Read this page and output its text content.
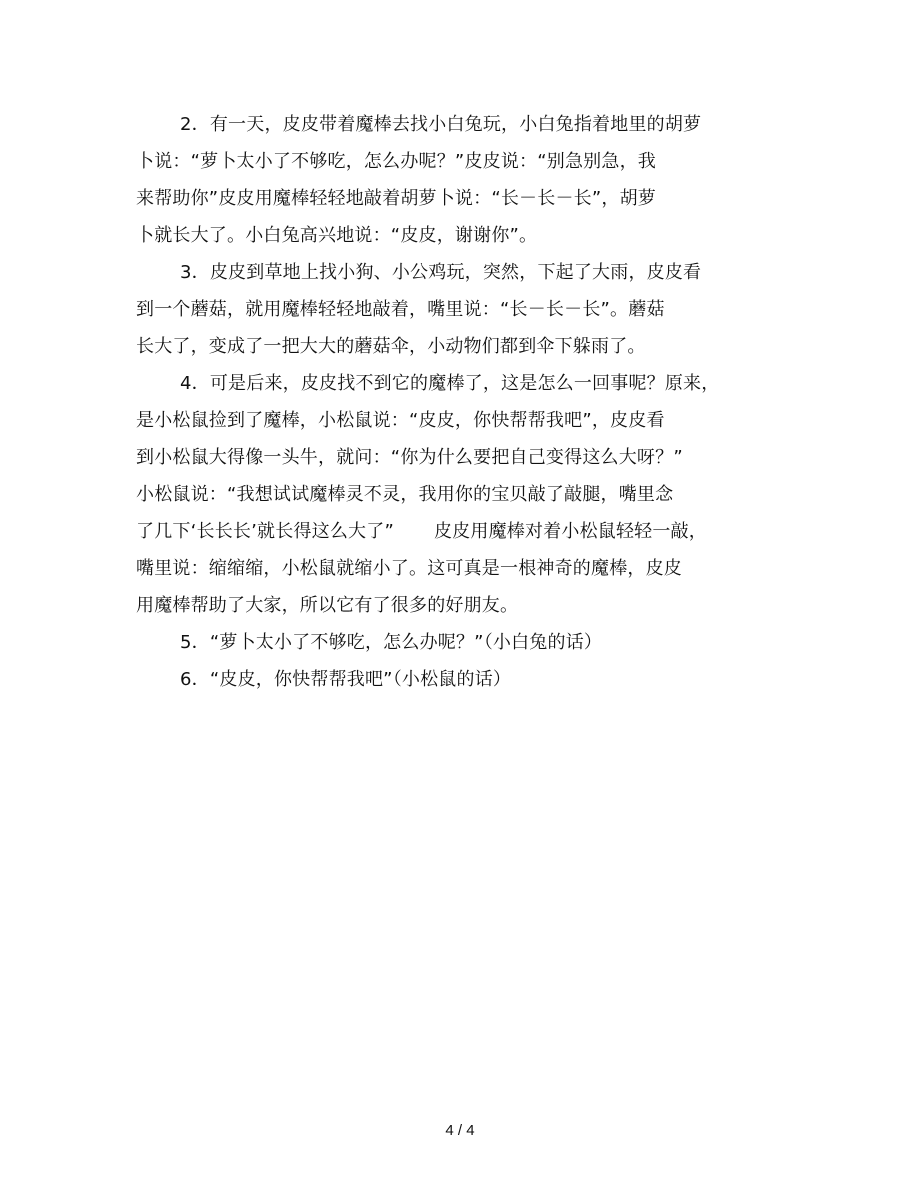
2．有一天，皮皮带着魔棒去找小白兔玩，小白兔指着地里的胡萝
卜说：“萝卜太小了不够吃，怎么办呢？”皮皮说：“别急别急，我
来帮助你”皮皮用魔棒轻轻地敲着胡萝卜说：“长－长－长”，胡萝
卜就长大了。小白兔高兴地说：“皮皮，谢谢你”。
3．皮皮到草地上找小狗、小公鸡玩，突然，下起了大雨，皮皮看
到一个蘑菇，就用魔棒轻轻地敲着，嘴里说：“长－长－长”。蘑菇
长大了，变成了一把大大的蘑菇伞，小动物们都到伞下躲雨了。
4．可是后来，皮皮找不到它的魔棒了，这是怎么一回事呢？原来，
是小松鼠捡到了魔棒，小松鼠说：“皮皮，你快帮帮我吧”，皮皮看
到小松鼠大得像一头牛，就问：“你为什么要把自己变得这么大呀？”
小松鼠说：“我想试试魔棒灵不灵，我用你的宝贝敲了敲腿，嘴里念
了几下‘长长长’就长得这么大了” 皮皮用魔棒对着小松鼠轻轻一敲，
嘴里说：缩缩缩，小松鼠就缩小了。这可真是一根神奇的魔棒，皮皮
用魔棒帮助了大家，所以它有了很多的好朋友。
5．“萝卜太小了不够吃，怎么办呢？”（小白兔的话）
6．“皮皮，你快帮帮我吧”（小松鼠的话）
4 / 4
